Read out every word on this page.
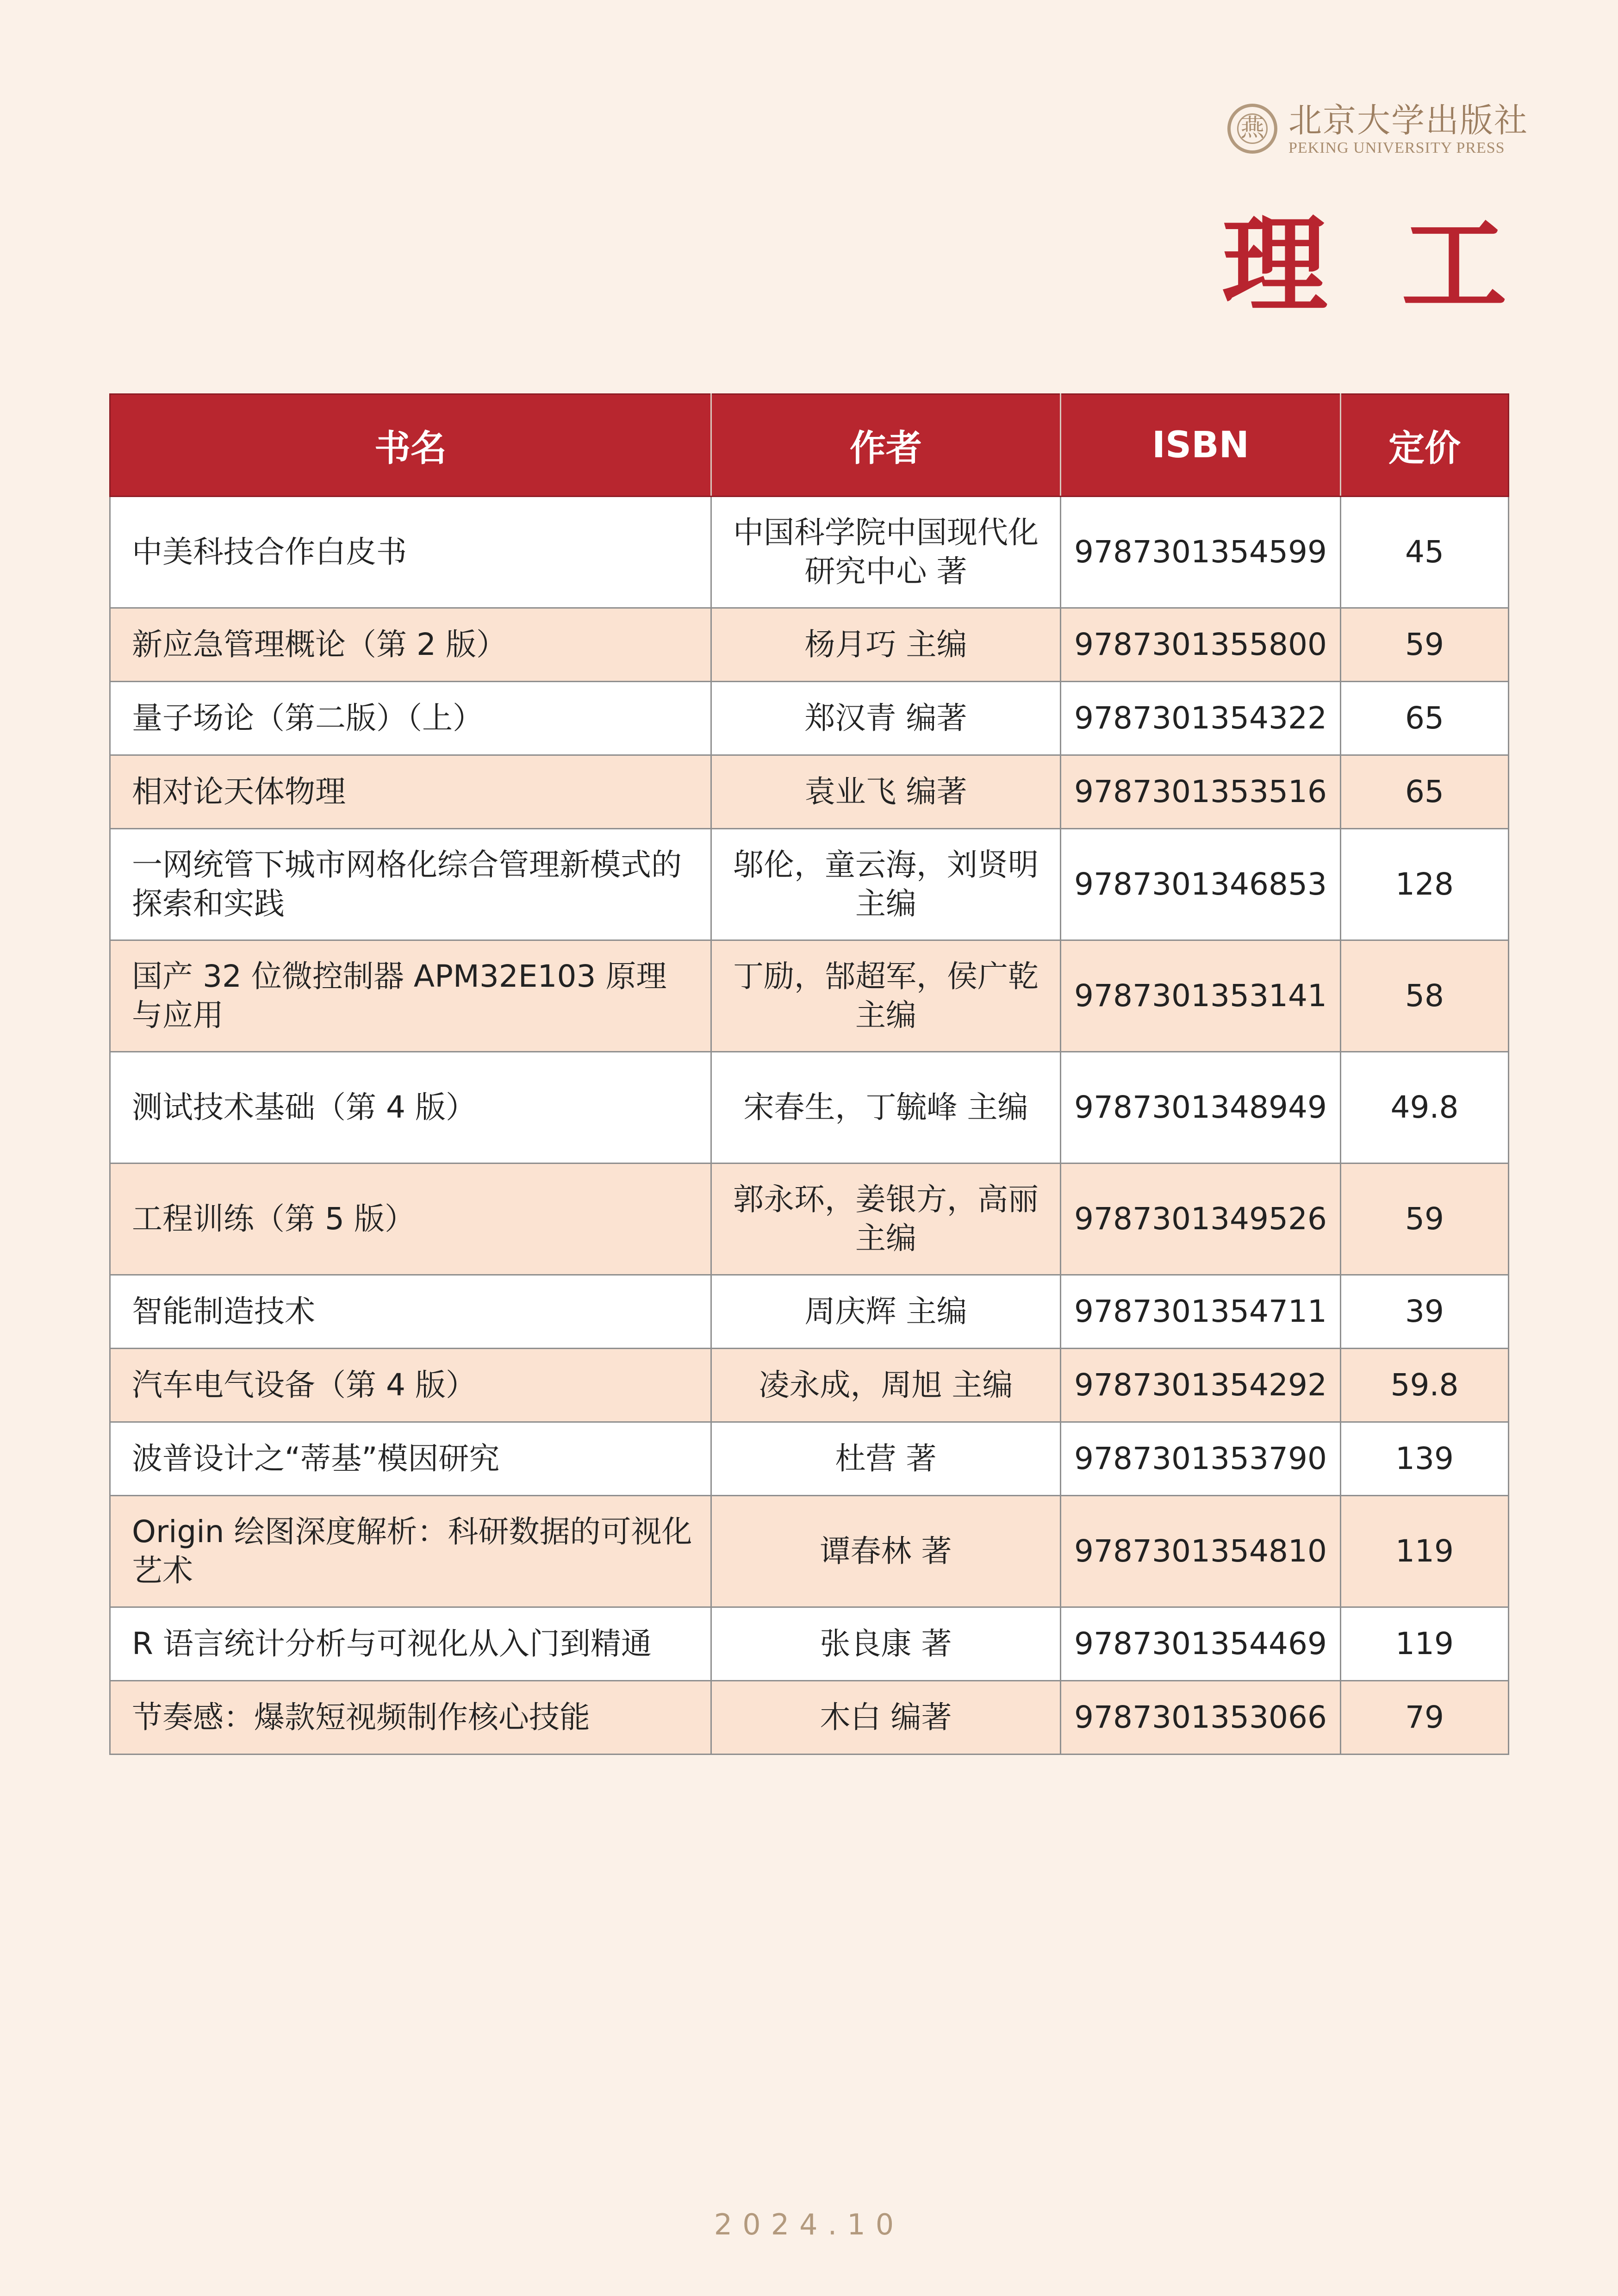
燕 北京大学出版社
PEKING UNIVERSITY PRESS
理工
书名	作者	ISBN	定价
中美科技合作白皮书	中国科学院中国现代化研究中心 著	9787301354599	45
新应急管理概论（第 2 版）	杨月巧 主编	9787301355800	59
量子场论（第二版）（上）	郑汉青 编著	9787301354322	65
相对论天体物理	袁业飞 编著	9787301353516	65
一网统管下城市网格化综合管理新模式的探索和实践	邬伦，童云海，刘贤明 主编	9787301346853	128
国产 32 位微控制器 APM32E103 原理与应用	丁励，郜超军，侯广乾 主编	9787301353141	58
测试技术基础（第 4 版）	宋春生，丁毓峰 主编	9787301348949	49.8
工程训练（第 5 版）	郭永环，姜银方，高丽 主编	9787301349526	59
智能制造技术	周庆辉 主编	9787301354711	39
汽车电气设备（第 4 版）	凌永成，周旭 主编	9787301354292	59.8
波普设计之“蒂基”模因研究	杜营 著	9787301353790	139
Origin 绘图深度解析：科研数据的可视化艺术	谭春林 著	9787301354810	119
R 语言统计分析与可视化从入门到精通	张良康 著	9787301354469	119
节奏感：爆款短视频制作核心技能	木白 编著	9787301353066	79
2024.10
